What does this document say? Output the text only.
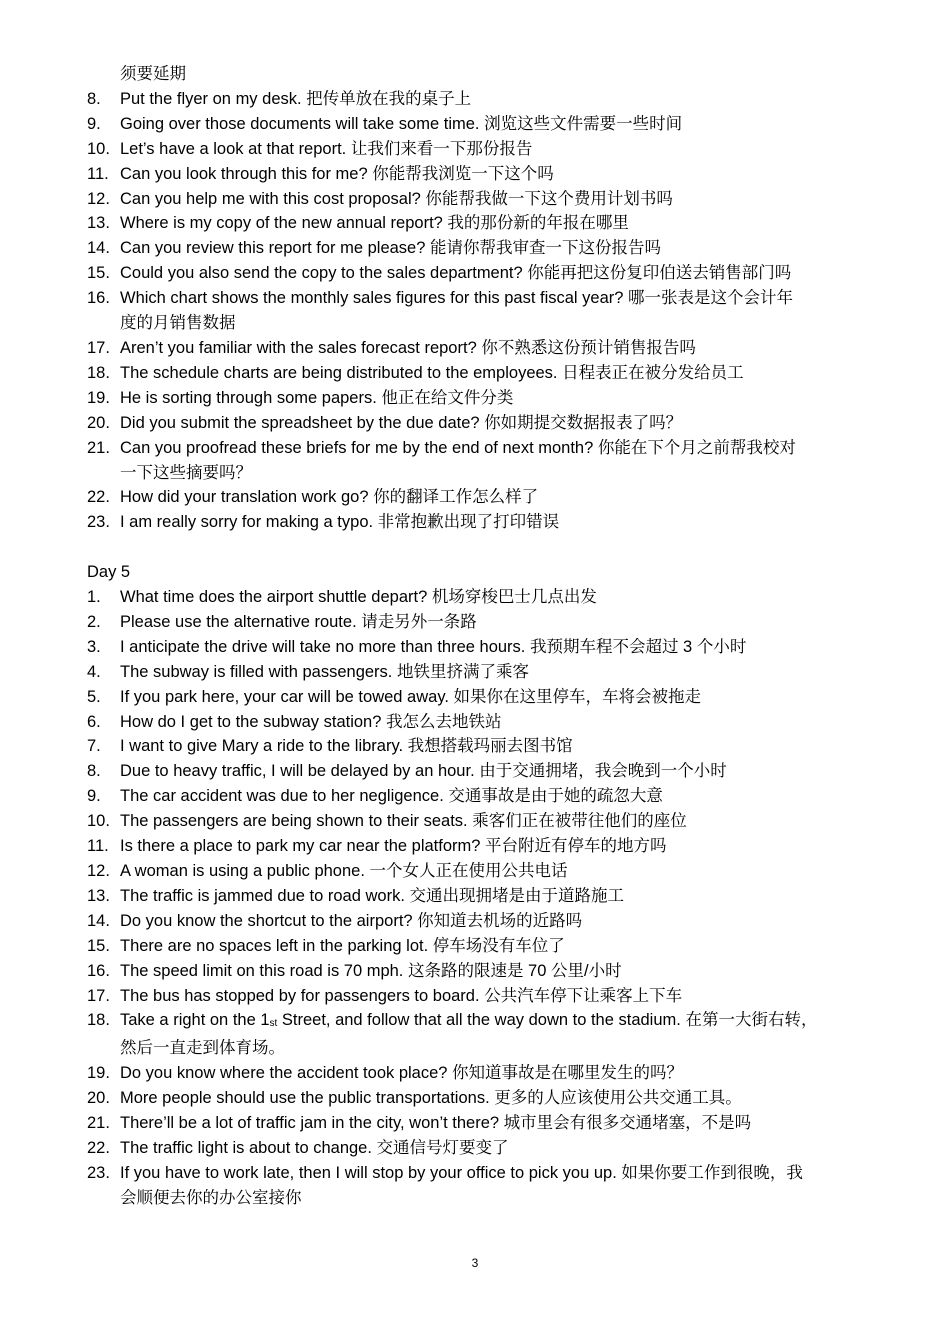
须要延期
8.	Put the flyer on my desk. 把传单放在我的桌子上
9.	Going over those documents will take some time. 浏览这些文件需要一些时间
10. Let’s have a look at that report. 让我们来看一下那份报告
11. Can you look through this for me? 你能帮我浏览一下这个吗
12. Can you help me with this cost proposal? 你能帮我做一下这个费用计划书吗
13. Where is my copy of the new annual report? 我的那份新的年报在哪里
14. Can you review this report for me please? 能请你帮我审查一下这份报告吗
15. Could you also send the copy to the sales department? 你能再把这份复印伯送去销售部门吗
16. Which chart shows the monthly sales figures for this past fiscal year? 哪一张表是这个会计年
度的月销售数据
17. Aren’t you familiar with the sales forecast report? 你不熟悉这份预计销售报告吗
18. The schedule charts are being distributed to the employees. 日程表正在被分发给员工
19. He is sorting through some papers. 他正在给文件分类
20. Did you submit the spreadsheet by the due date? 你如期提交数据报表了吗？
21. Can you proofread these briefs for me by the end of next month? 你能在下个月之前帮我校对
一下这些摘要吗？
22. How did your translation work go? 你的翻译工作怎么样了
23. I am really sorry for making a typo. 非常抱歉出现了打印错误
Day 5
1.	What time does the airport shuttle depart? 机场穿梭巴士几点出发
2.	Please use the alternative route. 请走另外一条路
3.	I anticipate the drive will take no more than three hours. 我预期车程不会超过 3 个小时
4.	The subway is filled with passengers. 地铁里挤满了乘客
5.	If you park here, your car will be towed away. 如果你在这里停车，车将会被拖走
6.	How do I get to the subway station? 我怎么去地铁站
7.	I want to give Mary a ride to the library. 我想搭载玛丽去图书馆
8.	Due to heavy traffic, I will be delayed by an hour. 由于交通拥堵，我会晚到一个小时
9.	The car accident was due to her negligence. 交通事故是由于她的疏忽大意
10. The passengers are being shown to their seats. 乘客们正在被带往他们的座位
11. Is there a place to park my car near the platform? 平台附近有停车的地方吗
12. A woman is using a public phone. 一个女人正在使用公共电话
13. The traffic is jammed due to road work. 交通出现拥堵是由于道路施工
14. Do you know the shortcut to the airport? 你知道去机场的近路吗
15. There are no spaces left in the parking lot. 停车场没有车位了
16. The speed limit on this road is 70 mph. 这条路的限速是 70 公里/小时
17. The bus has stopped by for passengers to board. 公共汽车停下让乘客上下车
18. Take a right on the 1st Street, and follow that all the way down to the stadium. 在第一大街右转，
然后一直走到体育场。
19. Do you know where the accident took place? 你知道事故是在哪里发生的吗？
20. More people should use the public transportations. 更多的人应该使用公共交通工具。
21. There’ll be a lot of traffic jam in the city, won’t there? 城市里会有很多交通堵塞，不是吗
22. The traffic light is about to change. 交通信号灯要变了
23. If you have to work late, then I will stop by your office to pick you up. 如果你要工作到很晚，我
会顺便去你的办公室接你
3
